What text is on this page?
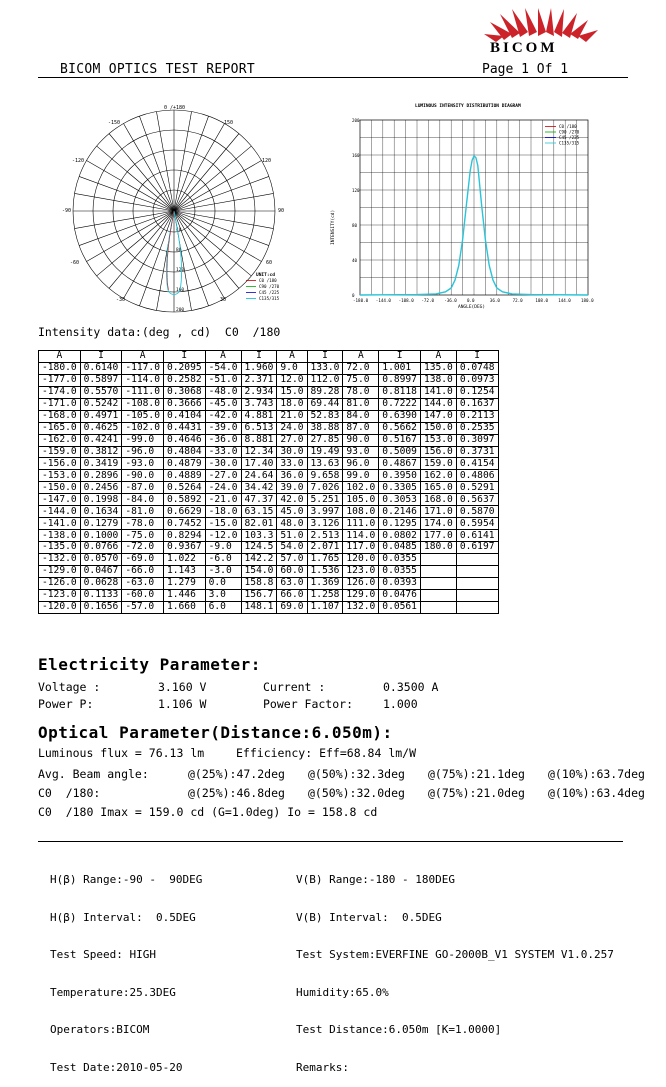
BICOM
BICOM OPTICS TEST REPORT	Page 1 Of 1
0 /+180
-150	150
-120	120
-90	90
-60	60
-30	30
40
80
120
160
200
UNIT:cd
C0 /180
C90 /270
C45 /225
C135/315
LUMINOUS INTENSITY DISTRIBUTION DIAGRAM
INTENSITY(cd)
ANGLE(DEG)
-180.0 -144.0 -108.0 -72.0 -36.0 0.0	36.0	72.0	108.0 144.0 180.0
0
40
80
120
160
200
C0 /180
C90 /270
C45 /225
C135/315
Intensity data:(deg , cd)  C0  /180
A	I	A	I	A	I	A	I	A	I	A	I
-180.0	0.6140	-117.0	0.2095	-54.0	1.960	9.0	133.0	72.0	1.001	135.0	0.0748
-177.0	0.5897	-114.0	0.2582	-51.0	2.371	12.0	112.0	75.0	0.8997	138.0	0.0973
-174.0	0.5570	-111.0	0.3068	-48.0	2.934	15.0	89.28	78.0	0.8118	141.0	0.1254
-171.0	0.5242	-108.0	0.3666	-45.0	3.743	18.0	69.44	81.0	0.7222	144.0	0.1637
-168.0	0.4971	-105.0	0.4104	-42.0	4.881	21.0	52.83	84.0	0.6390	147.0	0.2113
-165.0	0.4625	-102.0	0.4431	-39.0	6.513	24.0	38.88	87.0	0.5662	150.0	0.2535
-162.0	0.4241	-99.0	0.4646	-36.0	8.881	27.0	27.85	90.0	0.5167	153.0	0.3097
-159.0	0.3812	-96.0	0.4804	-33.0	12.34	30.0	19.49	93.0	0.5009	156.0	0.3731
-156.0	0.3419	-93.0	0.4879	-30.0	17.40	33.0	13.63	96.0	0.4867	159.0	0.4154
-153.0	0.2896	-90.0	0.4889	-27.0	24.64	36.0	9.658	99.0	0.3950	162.0	0.4806
-150.0	0.2456	-87.0	0.5264	-24.0	34.42	39.0	7.026	102.0	0.3305	165.0	0.5291
-147.0	0.1998	-84.0	0.5892	-21.0	47.37	42.0	5.251	105.0	0.3053	168.0	0.5637
-144.0	0.1634	-81.0	0.6629	-18.0	63.15	45.0	3.997	108.0	0.2146	171.0	0.5870
-141.0	0.1279	-78.0	0.7452	-15.0	82.01	48.0	3.126	111.0	0.1295	174.0	0.5954
-138.0	0.1000	-75.0	0.8294	-12.0	103.3	51.0	2.513	114.0	0.0802	177.0	0.6141
-135.0	0.0766	-72.0	0.9367	-9.0	124.5	54.0	2.071	117.0	0.0485	180.0	0.6197
-132.0	0.0570	-69.0	1.022	-6.0	142.2	57.0	1.765	120.0	0.0355		
-129.0	0.0467	-66.0	1.143	-3.0	154.0	60.0	1.536	123.0	0.0355		
-126.0	0.0628	-63.0	1.279	0.0	158.8	63.0	1.369	126.0	0.0393		
-123.0	0.1133	-60.0	1.446	3.0	156.7	66.0	1.258	129.0	0.0476		
-120.0	0.1656	-57.0	1.660	6.0	148.1	69.0	1.107	132.0	0.0561		
Electricity Parameter:
Voltage :	3.160 V	Current :	0.3500 A
Power P:	1.106 W	Power Factor:	1.000
Optical Parameter(Distance:6.050m):
Luminous flux = 76.13 lm	Efficiency: Eff=68.84 lm/W
Avg. Beam angle:	@(25%):47.2deg @(50%):32.3deg @(75%):21.1deg @(10%):63.7deg
C0  /180:	@(25%):46.8deg @(50%):32.0deg @(75%):21.0deg @(10%):63.4deg
C0  /180 Imax = 159.0 cd (G=1.0deg) Io = 158.8 cd

H(β) Range:-90 -  90DEG

H(β) Interval:  0.5DEG

Test Speed: HIGH

Temperature:25.3DEG

Operators:BICOM

Test Date:2010-05-20

V(B) Range:-180 - 180DEG

V(B) Interval:  0.5DEG

Test System:EVERFINE GO-2000B_V1 SYSTEM V1.0.257

Humidity:65.0%

Test Distance:6.050m [K=1.0000]

Remarks:
